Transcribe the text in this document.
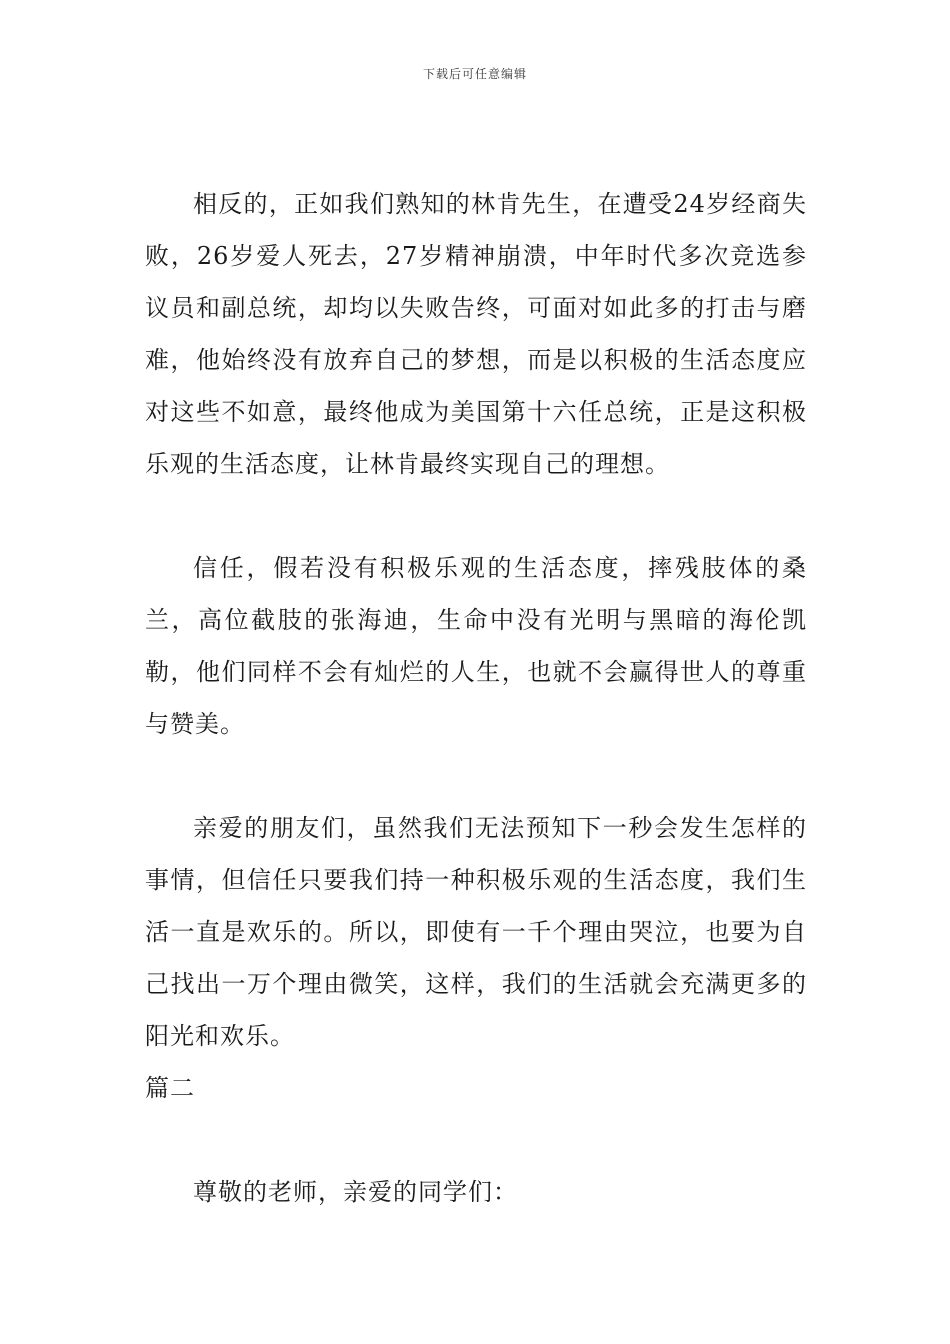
下载后可任意编辑

相反的，正如我们熟知的林肯先生，在遭受24岁经商失败，26岁爱人死去，27岁精神崩溃，中年时代多次竞选参议员和副总统，却均以失败告终，可面对如此多的打击与磨难，他始终没有放弃自己的梦想，而是以积极的生活态度应对这些不如意，最终他成为美国第十六任总统，正是这积极乐观的生活态度，让林肯最终实现自己的理想。

信任，假若没有积极乐观的生活态度，摔残肢体的桑兰，高位截肢的张海迪，生命中没有光明与黑暗的海伦凯勒，他们同样不会有灿烂的人生，也就不会赢得世人的尊重与赞美。

亲爱的朋友们，虽然我们无法预知下一秒会发生怎样的事情，但信任只要我们持一种积极乐观的生活态度，我们生活一直是欢乐的。所以，即使有一千个理由哭泣，也要为自己找出一万个理由微笑，这样，我们的生活就会充满更多的阳光和欢乐。

篇二

尊敬的老师，亲爱的同学们：
